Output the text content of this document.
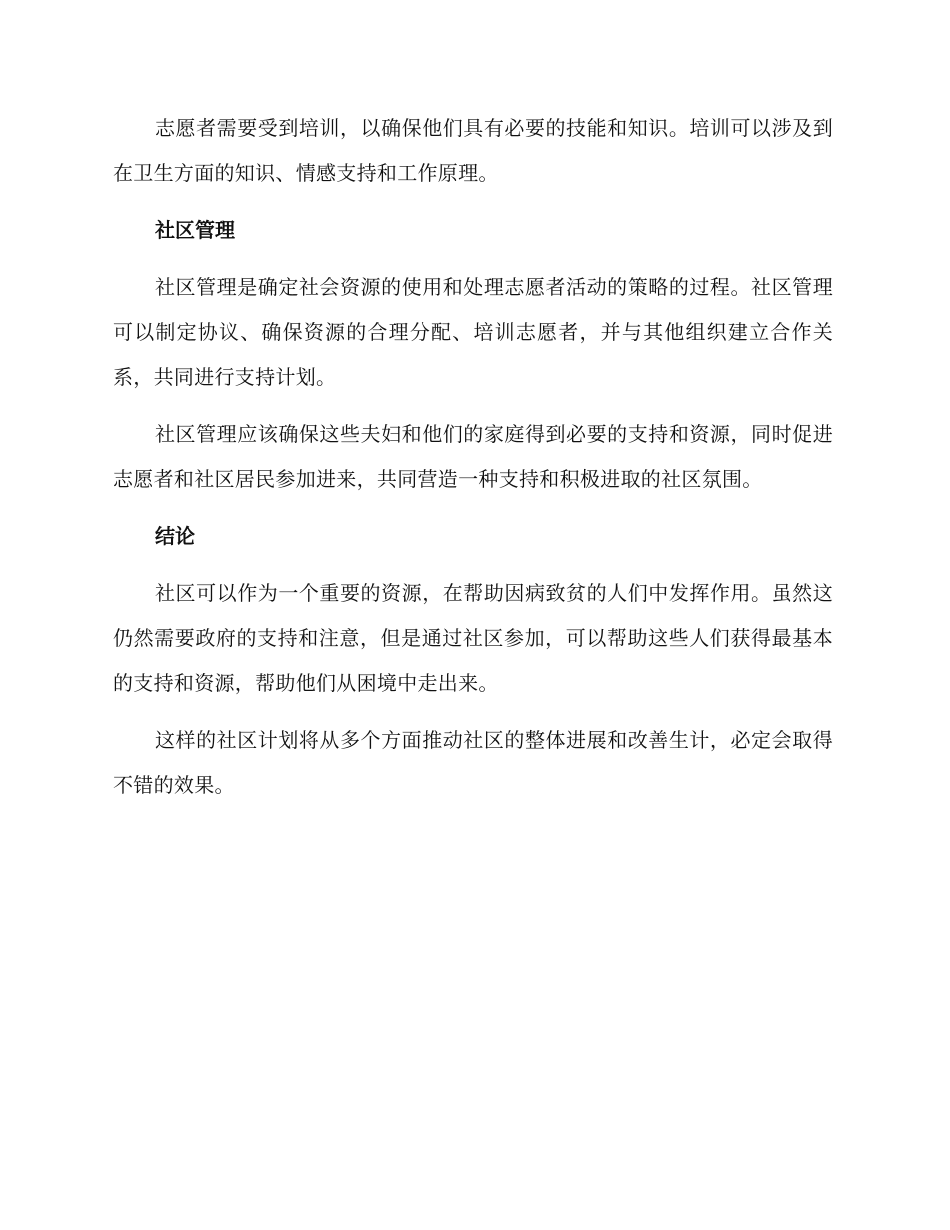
志愿者需要受到培训，以确保他们具有必要的技能和知识。培训可以涉及到在卫生方面的知识、情感支持和工作原理。

社区管理

社区管理是确定社会资源的使用和处理志愿者活动的策略的过程。社区管理可以制定协议、确保资源的合理分配、培训志愿者，并与其他组织建立合作关系，共同进行支持计划。

社区管理应该确保这些夫妇和他们的家庭得到必要的支持和资源，同时促进志愿者和社区居民参加进来，共同营造一种支持和积极进取的社区氛围。

结论

社区可以作为一个重要的资源，在帮助因病致贫的人们中发挥作用。虽然这仍然需要政府的支持和注意，但是通过社区参加，可以帮助这些人们获得最基本的支持和资源，帮助他们从困境中走出来。

这样的社区计划将从多个方面推动社区的整体进展和改善生计，必定会取得不错的效果。
